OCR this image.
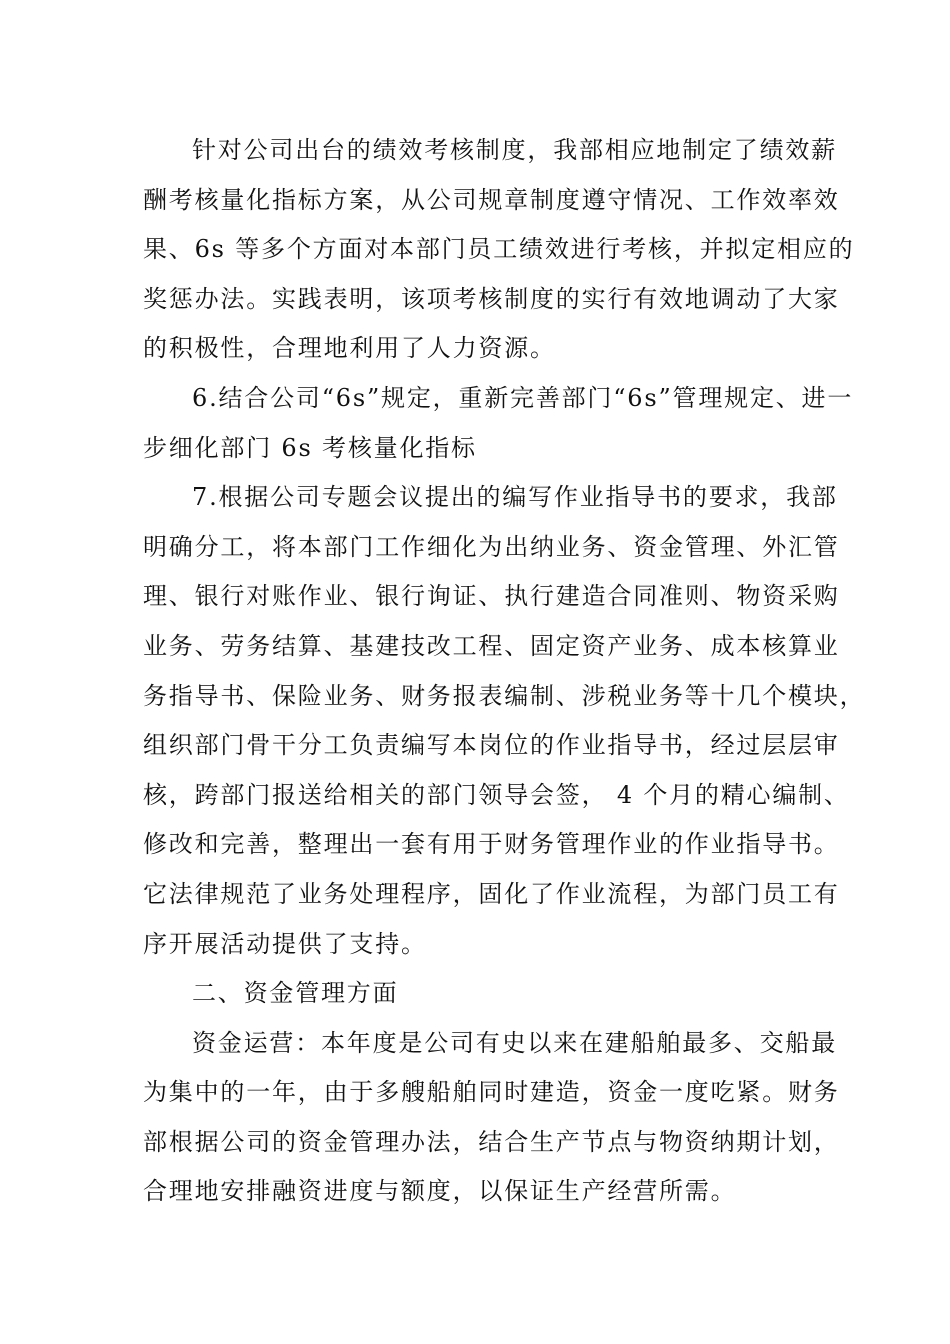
针对公司出台的绩效考核制度，我部相应地制定了绩效薪
酬考核量化指标方案，从公司规章制度遵守情况、工作效率效
果、6s 等多个方面对本部门员工绩效进行考核，并拟定相应的
奖惩办法。实践表明，该项考核制度的实行有效地调动了大家
的积极性，合理地利用了人力资源。
6.结合公司“6s”规定，重新完善部门“6s”管理规定、进一
步细化部门 6s 考核量化指标
7.根据公司专题会议提出的编写作业指导书的要求，我部
明确分工，将本部门工作细化为出纳业务、资金管理、外汇管
理、银行对账作业、银行询证、执行建造合同准则、物资采购
业务、劳务结算、基建技改工程、固定资产业务、成本核算业
务指导书、保险业务、财务报表编制、涉税业务等十几个模块，
组织部门骨干分工负责编写本岗位的作业指导书，经过层层审
核，跨部门报送给相关的部门领导会签， 4 个月的精心编制、
修改和完善，整理出一套有用于财务管理作业的作业指导书。
它法律规范了业务处理程序，固化了作业流程，为部门员工有
序开展活动提供了支持。
二、资金管理方面
资金运营：本年度是公司有史以来在建船舶最多、交船最
为集中的一年，由于多艘船舶同时建造，资金一度吃紧。财务
部根据公司的资金管理办法，结合生产节点与物资纳期计划，
合理地安排融资进度与额度，以保证生产经营所需。
